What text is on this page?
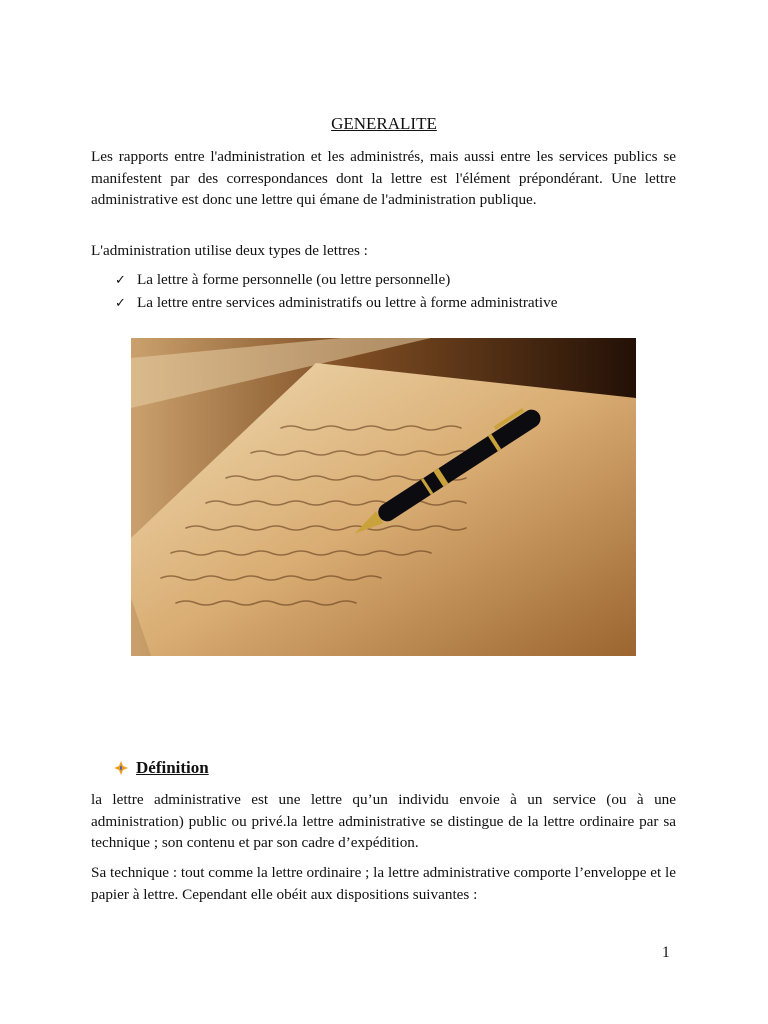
GENERALITE

Les rapports entre l'administration et les administrés, mais aussi entre les services publics se manifestent par des correspondances dont la lettre est l'élément prépondérant. Une lettre administrative est donc une lettre qui émane de l'administration publique.

L'administration utilise deux types de lettres :

✓ La lettre à forme personnelle (ou lettre personnelle)
✓ La lettre entre services administratifs ou lettre à forme administrative
Définition

la lettre administrative est une lettre qu’un individu envoie à un service (ou à une administration) public ou privé.la lettre administrative se distingue de la lettre ordinaire par sa technique ; son contenu et par son cadre d’expédition.

Sa technique : tout comme la lettre ordinaire ; la lettre administrative comporte l’enveloppe et le papier à lettre. Cependant elle obéit aux dispositions suivantes :

1
